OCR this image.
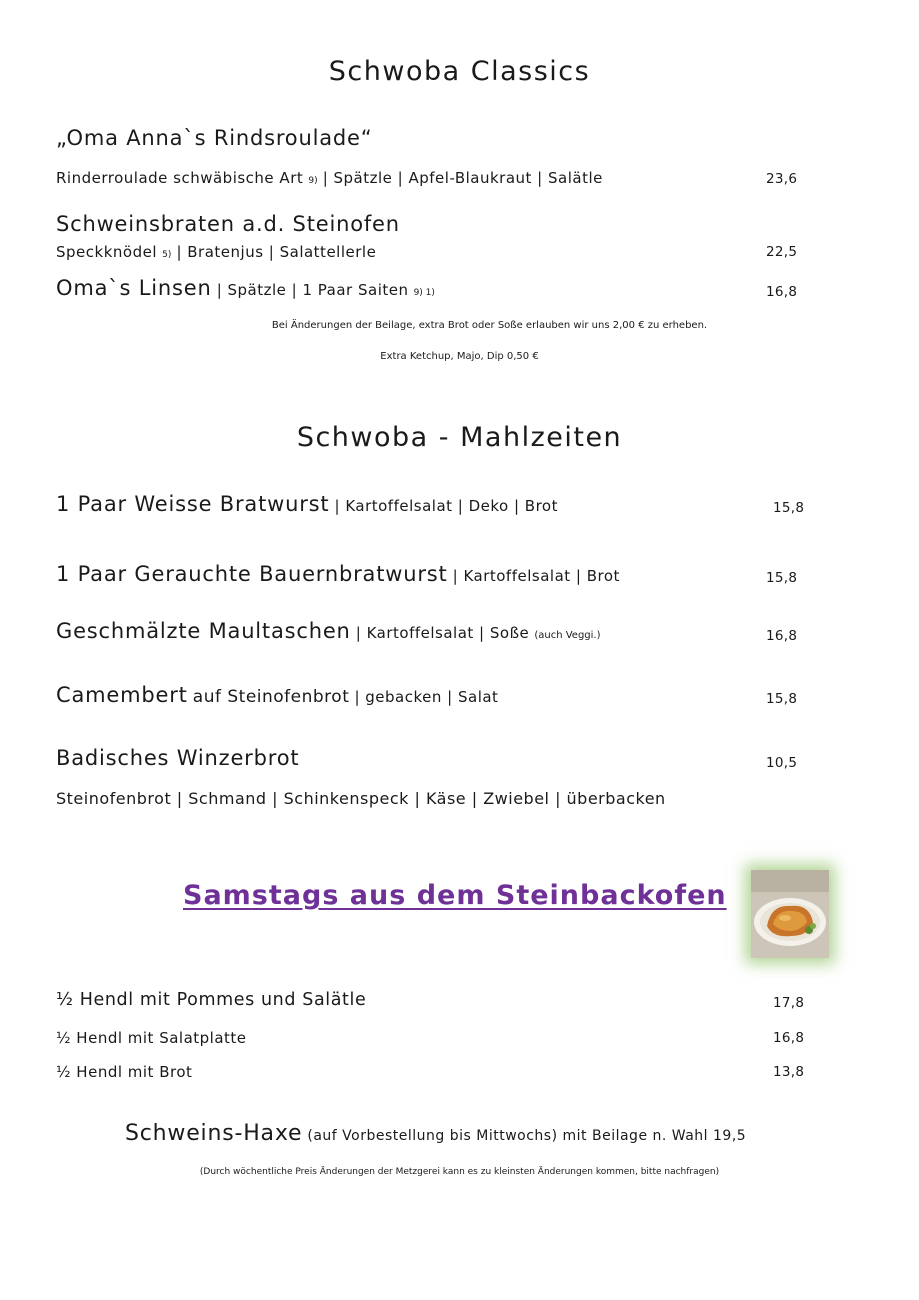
Schwoba Classics
„Oma Anna`s Rindsroulade“
Rinderroulade schwäbische Art 9) | Spätzle | Apfel-Blaukraut | Salätle	23,6
Schweinsbraten a.d. Steinofen
Speckknödel 5) | Bratenjus | Salattellerle	22,5
Oma`s Linsen | Spätzle | 1 Paar Saiten 9) 1)	16,8
Bei Änderungen der Beilage, extra Brot oder Soße erlauben wir uns 2,00 € zu erheben.
Extra Ketchup, Majo, Dip 0,50 €
Schwoba - Mahlzeiten
1 Paar Weisse Bratwurst | Kartoffelsalat | Deko | Brot	15,8
1 Paar Gerauchte Bauernbratwurst | Kartoffelsalat | Brot	15,8
Geschmälzte Maultaschen | Kartoffelsalat | Soße (auch Veggi.)	16,8
Camembert auf Steinofenbrot | gebacken | Salat	15,8
Badisches Winzerbrot	10,5
Steinofenbrot | Schmand | Schinkenspeck | Käse | Zwiebel | überbacken
Samstags aus dem Steinbackofen
½ Hendl mit Pommes und Salätle	17,8
½ Hendl mit Salatplatte	16,8
½ Hendl mit Brot	13,8
Schweins-Haxe (auf Vorbestellung bis Mittwochs) mit Beilage n. Wahl 19,5
(Durch wöchentliche Preis Änderungen der Metzgerei kann es zu kleinsten Änderungen kommen, bitte nachfragen)
